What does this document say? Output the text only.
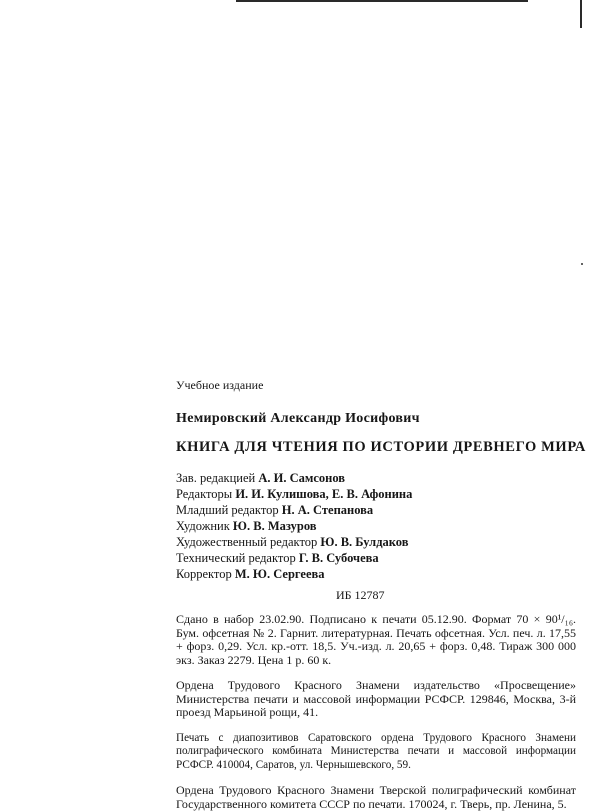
Учебное издание
Немировский Александр Иосифович
КНИГА ДЛЯ ЧТЕНИЯ ПО ИСТОРИИ ДРЕВНЕГО МИРА
Зав. редакцией А. И. Самсонов
Редакторы И. И. Кулишова, Е. В. Афонина
Младший редактор Н. А. Степанова
Художник Ю. В. Мазуров
Художественный редактор Ю. В. Булдаков
Технический редактор Г. В. Субочева
Корректор М. Ю. Сергеева
ИБ 12787
Сдано в набор 23.02.90. Подписано к печати 05.12.90. Формат 70 × 90¹/₁₆. Бум. офсетная № 2. Гарнит. литературная. Печать офсетная. Усл. печ. л. 17,55 + форз. 0,29. Усл. кр.-отт. 18,5. Уч.-изд. л. 20,65 + форз. 0,48. Тираж 300 000 экз. Заказ 2279. Цена 1 р. 60 к.
Ордена Трудового Красного Знамени издательство «Просвещение» Министерства печати и массовой информации РСФСР. 129846, Москва, 3-й проезд Марьиной рощи, 41.
Печать с диапозитивов Саратовского ордена Трудового Красного Знамени полиграфического комбината Министерства печати и массовой информации РСФСР. 410004, Саратов, ул. Чернышевского, 59.
Ордена Трудового Красного Знамени Тверской полиграфический комбинат Государственного комитета СССР по печати. 170024, г. Тверь, пр. Ленина, 5.
